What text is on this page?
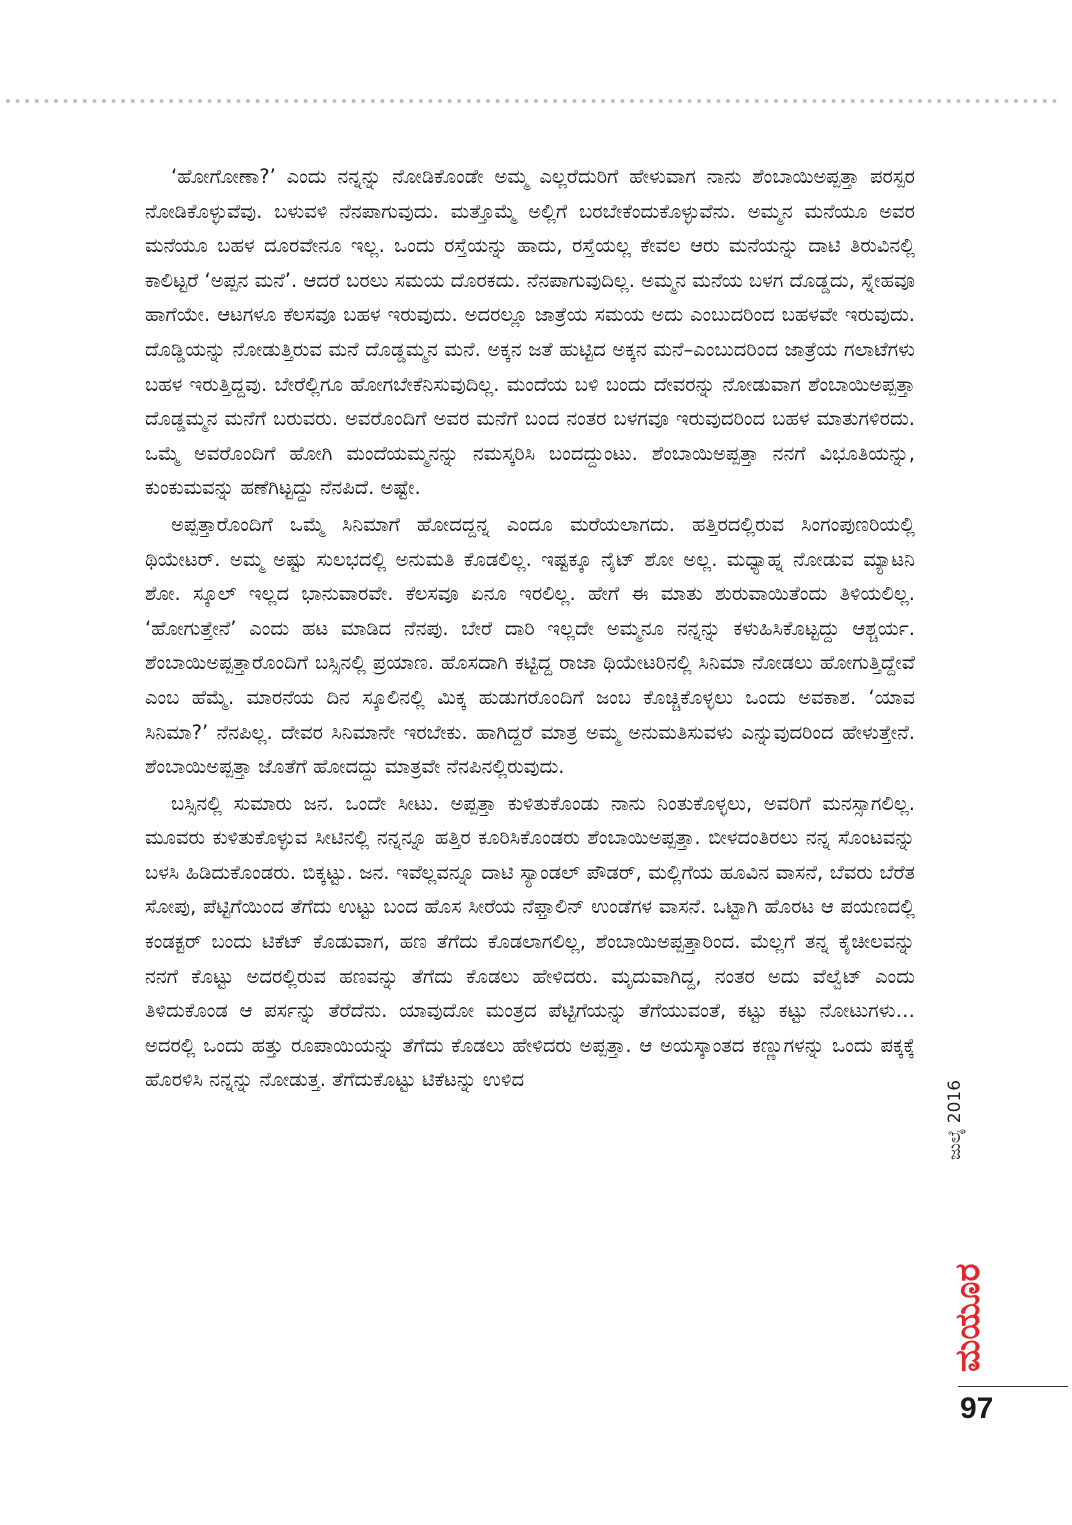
‘ಹೋಗೋಣಾ?’ ಎಂದು ನನ್ನನ್ನು ನೋಡಿಕೊಂಡೇ ಅಮ್ಮ ಎಲ್ಲರೆದುರಿಗೆ ಹೇಳುವಾಗ ನಾನು ಶೆಂಬಾಯಿಅಪ್ಪತ್ತಾ ಪರಸ್ಪರ ನೋಡಿಕೊಳ್ಳುವೆವು. ಬಳುವಳಿ ನೆನಪಾಗುವುದು. ಮತ್ತೊಮ್ಮೆ ಅಲ್ಲಿಗೆ ಬರಬೇಕೆಂದುಕೊಳ್ಳುವೆನು. ಅಮ್ಮನ ಮನೆಯೂ ಅವರ ಮನೆಯೂ ಬಹಳ ದೂರವೇನೂ ಇಲ್ಲ. ಒಂದು ರಸ್ತೆಯನ್ನು ಹಾದು, ರಸ್ತೆಯಲ್ಲ ಕೇವಲ ಆರು ಮನೆಯನ್ನು ದಾಟಿ ತಿರುವಿನಲ್ಲಿ ಕಾಲಿಟ್ಟರೆ ‘ಅಪ್ಪನ ಮನೆ’. ಆದರೆ ಬರಲು ಸಮಯ ದೊರಕದು. ನೆನಪಾಗುವುದಿಲ್ಲ. ಅಮ್ಮನ ಮನೆಯ ಬಳಗ ದೊಡ್ಡದು, ಸ್ನೇಹವೂ ಹಾಗೆಯೇ. ಆಟಗಳೂ ಕೆಲಸವೂ ಬಹಳ ಇರುವುದು. ಅದರಲ್ಲೂ ಜಾತ್ರೆಯ ಸಮಯ ಅದು ಎಂಬುದರಿಂದ ಬಹಳವೇ ಇರುವುದು. ದೊಡ್ಡಿಯನ್ನು ನೋಡುತ್ತಿರುವ ಮನೆ ದೊಡ್ಡಮ್ಮನ ಮನೆ. ಅಕ್ಕನ ಜತೆ ಹುಟ್ಟಿದ ಅಕ್ಕನ ಮನೆ–ಎಂಬುದರಿಂದ ಜಾತ್ರೆಯ ಗಲಾಟೆಗಳು ಬಹಳ ಇರುತ್ತಿದ್ದವು. ಬೇರೆಲ್ಲಿಗೂ ಹೋಗಬೇಕೆನಿಸುವುದಿಲ್ಲ. ಮಂದೆಯ ಬಳಿ ಬಂದು ದೇವರನ್ನು ನೋಡುವಾಗ ಶೆಂಬಾಯಿಅಪ್ಪತ್ತಾ ದೊಡ್ಡಮ್ಮನ ಮನೆಗೆ ಬರುವರು. ಅವರೊಂದಿಗೆ ಅವರ ಮನೆಗೆ ಬಂದ ನಂತರ ಬಳಗವೂ ಇರುವುದರಿಂದ ಬಹಳ ಮಾತುಗಳಿರದು. ಒಮ್ಮೆ ಅವರೊಂದಿಗೆ ಹೋಗಿ ಮಂದೆಯಮ್ಮನನ್ನು ನಮಸ್ಕರಿಸಿ ಬಂದದ್ದುಂಟು. ಶೆಂಬಾಯಿಅಪ್ಪತ್ತಾ ನನಗೆ ವಿಭೂತಿಯನ್ನು, ಕುಂಕುಮವನ್ನು ಹಣೆಗಿಟ್ಟದ್ದು ನೆನಪಿದೆ. ಅಷ್ಟೇ.

ಅಪ್ಪತ್ತಾರೊಂದಿಗೆ ಒಮ್ಮೆ ಸಿನಿಮಾಗೆ ಹೋದದ್ದನ್ನ ಎಂದೂ ಮರೆಯಲಾಗದು. ಹತ್ತಿರದಲ್ಲಿರುವ ಸಿಂಗಂಪುಣರಿಯಲ್ಲಿ ಥಿಯೇಟರ್. ಅಮ್ಮ ಅಷ್ಟು ಸುಲಭದಲ್ಲಿ ಅನುಮತಿ ಕೊಡಲಿಲ್ಲ. ಇಷ್ಟಕ್ಕೂ ನೈಟ್ ಶೋ ಅಲ್ಲ. ಮಧ್ಯಾಹ್ನ ನೋಡುವ ಮ್ಯಾಟನಿ ಶೋ. ಸ್ಕೂಲ್ ಇಲ್ಲದ ಭಾನುವಾರವೇ. ಕೆಲಸವೂ ಏನೂ ಇರಲಿಲ್ಲ. ಹೇಗೆ ಈ ಮಾತು ಶುರುವಾಯಿತೆಂದು ತಿಳಿಯಲಿಲ್ಲ. ‘ಹೋಗುತ್ತೇನೆ’ ಎಂದು ಹಟ ಮಾಡಿದ ನೆನಪು. ಬೇರೆ ದಾರಿ ಇಲ್ಲದೇ ಅಮ್ಮನೂ ನನ್ನನ್ನು ಕಳುಹಿಸಿಕೊಟ್ಟದ್ದು ಆಶ್ಚರ್ಯ. ಶೆಂಬಾಯಿಅಪ್ಪತ್ತಾರೊಂದಿಗೆ ಬಸ್ಸಿನಲ್ಲಿ ಪ್ರಯಾಣ. ಹೊಸದಾಗಿ ಕಟ್ಟಿದ್ದ ರಾಜಾ ಥಿಯೇಟರಿನಲ್ಲಿ ಸಿನಿಮಾ ನೋಡಲು ಹೋಗುತ್ತಿದ್ದೇವೆ ಎಂಬ ಹೆಮ್ಮೆ. ಮಾರನೆಯ ದಿನ ಸ್ಕೂಲಿನಲ್ಲಿ ಮಿಕ್ಕ ಹುಡುಗರೊಂದಿಗೆ ಜಂಬ ಕೊಚ್ಚಿಕೊಳ್ಳಲು ಒಂದು ಅವಕಾಶ. ‘ಯಾವ ಸಿನಿಮಾ?’ ನೆನಪಿಲ್ಲ. ದೇವರ ಸಿನಿಮಾನೇ ಇರಬೇಕು. ಹಾಗಿದ್ದರೆ ಮಾತ್ರ ಅಮ್ಮ ಅನುಮತಿಸುವಳು ಎನ್ನುವುದರಿಂದ ಹೇಳುತ್ತೇನೆ. ಶೆಂಬಾಯಿಅಪ್ಪತ್ತಾ ಜೊತೆಗೆ ಹೋದದ್ದು ಮಾತ್ರವೇ ನೆನಪಿನಲ್ಲಿರುವುದು.

ಬಸ್ಸಿನಲ್ಲಿ ಸುಮಾರು ಜನ. ಒಂದೇ ಸೀಟು. ಅಪ್ಪತ್ತಾ ಕುಳಿತುಕೊಂಡು ನಾನು ನಿಂತುಕೊಳ್ಳಲು, ಅವರಿಗೆ ಮನಸ್ಸಾಗಲಿಲ್ಲ. ಮೂವರು ಕುಳಿತುಕೊಳ್ಳುವ ಸೀಟಿನಲ್ಲಿ ನನ್ನನ್ನೂ ಹತ್ತಿರ ಕೂರಿಸಿಕೊಂಡರು ಶೆಂಬಾಯಿಅಪ್ಪತ್ತಾ. ಬೀಳದಂತಿರಲು ನನ್ನ ಸೊಂಟವನ್ನು ಬಳಸಿ ಹಿಡಿದುಕೊಂಡರು. ಬಿಕ್ಕಟ್ಟು. ಜನ. ಇವೆಲ್ಲವನ್ನೂ ದಾಟಿ ಸ್ಯಾಂಡಲ್ ಪೌಡರ್, ಮಲ್ಲಿಗೆಯ ಹೂವಿನ ವಾಸನೆ, ಬೆವರು ಬೆರೆತ ಸೋಪು, ಪೆಟ್ಟಿಗೆಯಿಂದ ತೆಗೆದು ಉಟ್ಟು ಬಂದ ಹೊಸ ಸೀರೆಯ ನೆಫ್ತಾಲಿನ್ ಉಂಡೆಗಳ ವಾಸನೆ. ಒಟ್ಟಾಗಿ ಹೊರಟ ಆ ಪಯಣದಲ್ಲಿ ಕಂಡಕ್ಟರ್ ಬಂದು ಟಿಕೆಟ್ ಕೊಡುವಾಗ, ಹಣ ತೆಗೆದು ಕೊಡಲಾಗಲಿಲ್ಲ, ಶೆಂಬಾಯಿಅಪ್ಪತ್ತಾರಿಂದ. ಮೆಲ್ಲಗೆ ತನ್ನ ಕೈಚೀಲವನ್ನು ನನಗೆ ಕೊಟ್ಟು ಅದರಲ್ಲಿರುವ ಹಣವನ್ನು ತೆಗೆದು ಕೊಡಲು ಹೇಳಿದರು. ಮೃದುವಾಗಿದ್ದ, ನಂತರ ಅದು ವೆಲ್ವೆಟ್ ಎಂದು ತಿಳಿದುಕೊಂಡ ಆ ಪರ್ಸನ್ನು ತೆರೆದೆನು. ಯಾವುದೋ ಮಂತ್ರದ ಪೆಟ್ಟಿಗೆಯನ್ನು ತೆಗೆಯುವಂತೆ, ಕಟ್ಟು ಕಟ್ಟು ನೋಟುಗಳು… ಅದರಲ್ಲಿ ಒಂದು ಹತ್ತು ರೂಪಾಯಿಯನ್ನು ತೆಗೆದು ಕೊಡಲು ಹೇಳಿದರು ಅಪ್ಪತ್ತಾ. ಆ ಅಯಸ್ಕಾಂತದ ಕಣ್ಣುಗಳನ್ನು ಒಂದು ಪಕ್ಕಕ್ಕೆ ಹೊರಳಿಸಿ ನನ್ನನ್ನು ನೋಡುತ್ತ. ತೆಗೆದುಕೊಟ್ಟು ಟಿಕೆಟನ್ನು ಉಳಿದ	ಜುಲೈ 2016
ಮಯೂರ
97
